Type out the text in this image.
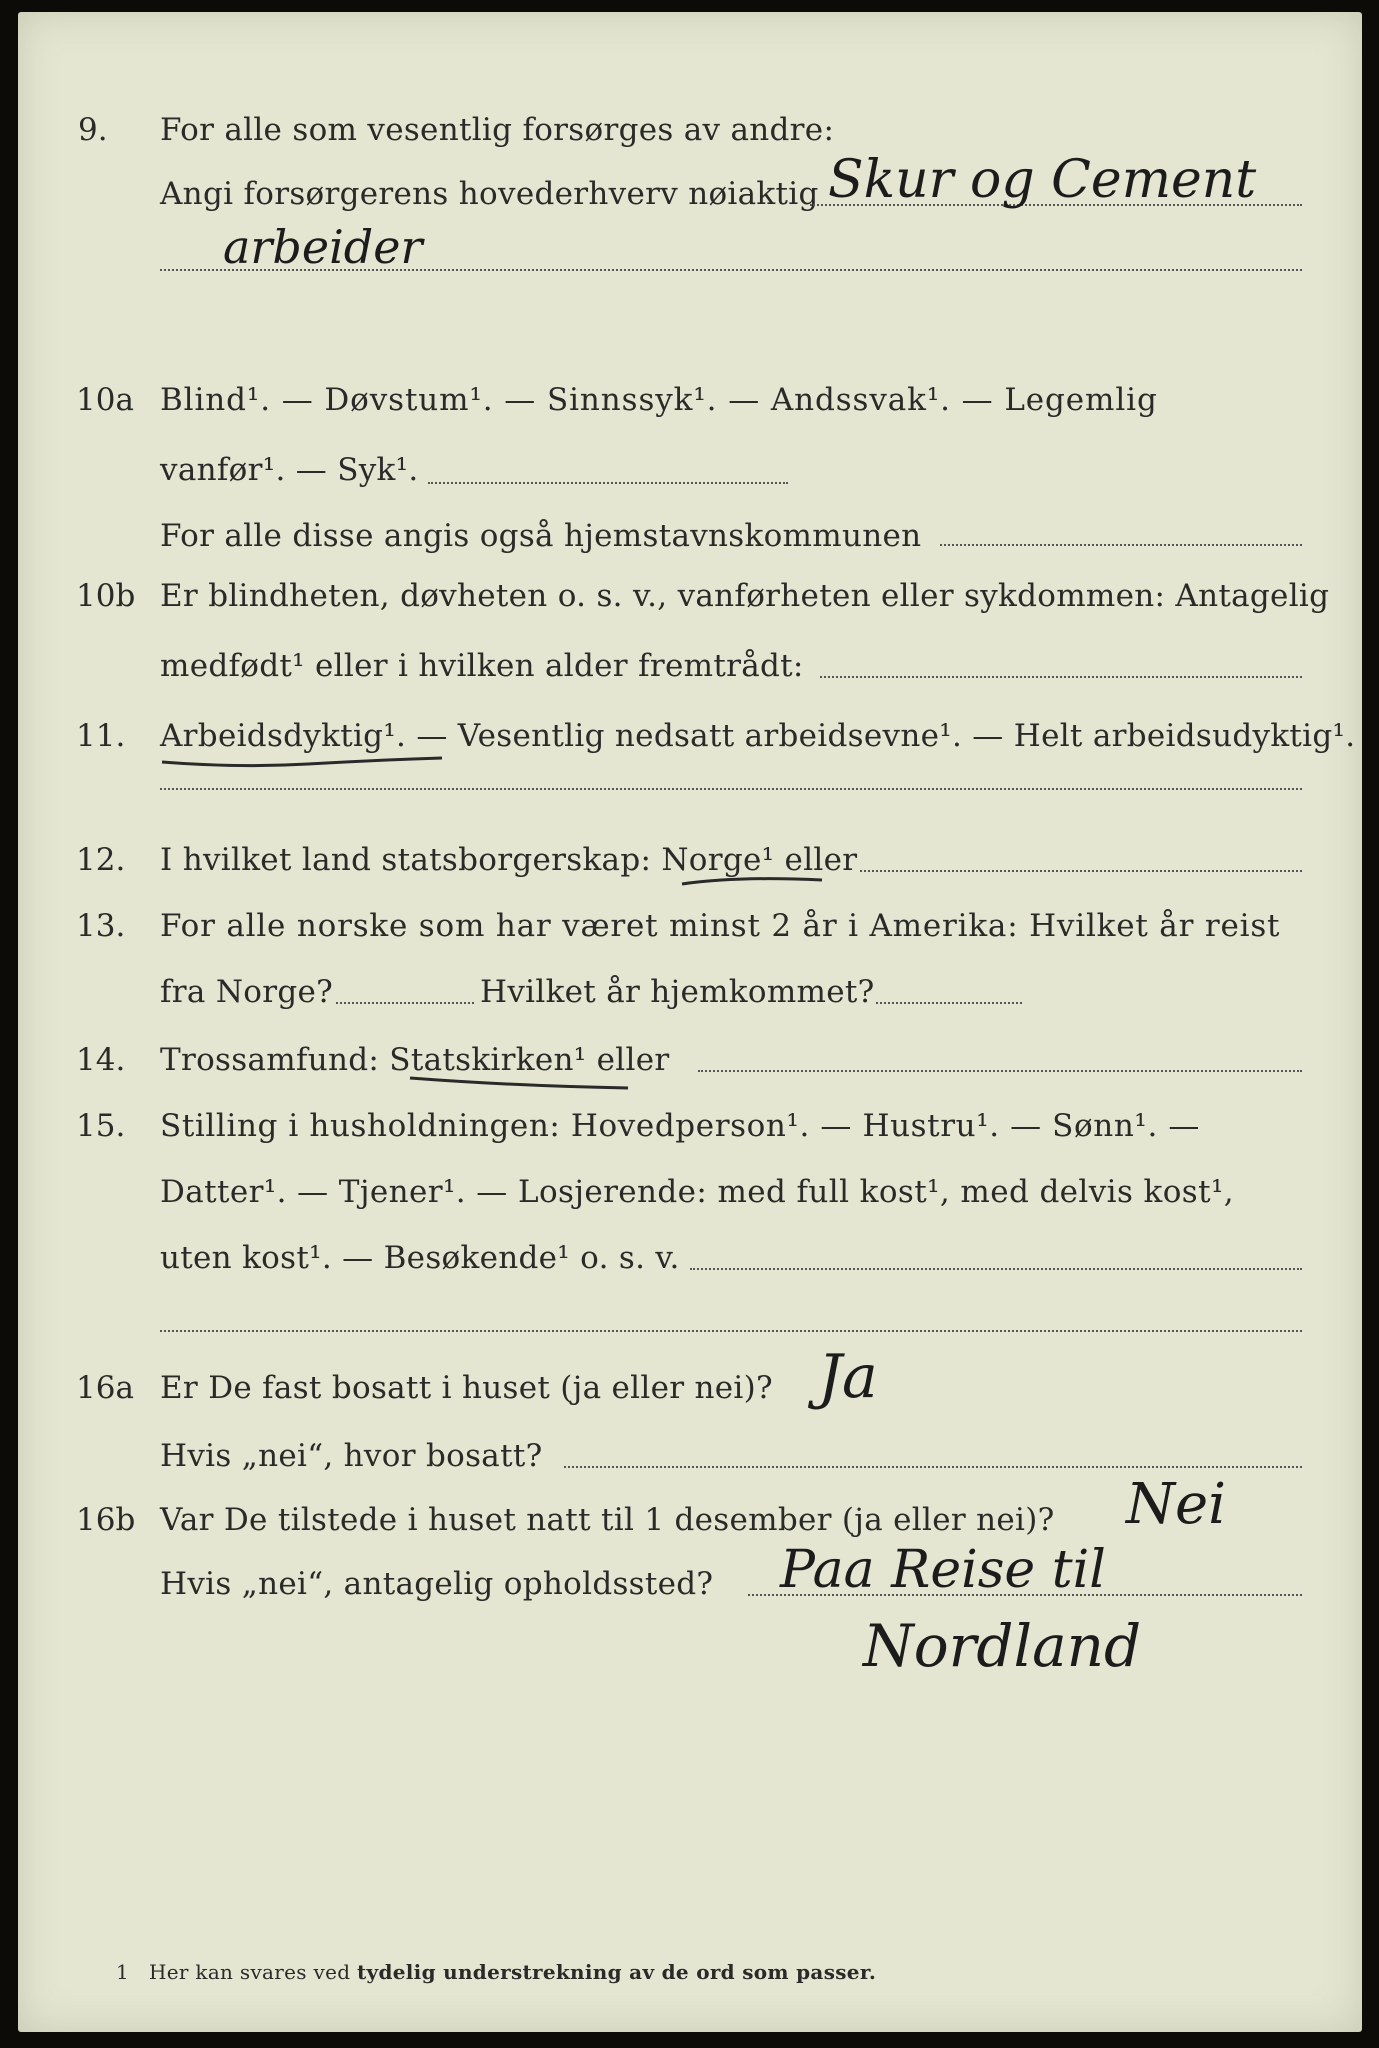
9. For alle som vesentlig forsørges av andre:
Angi forsørgerens hovederhverv nøiaktig Skur og Cement
arbeider
10a Blind¹. — Døvstum¹. — Sinnssyk¹. — Andssvak¹. — Legemlig
vanfør¹. — Syk¹.
For alle disse angis også hjemstavnskommunen
10b Er blindheten, døvheten o. s. v., vanførheten eller sykdommen: Antagelig
medfødt¹ eller i hvilken alder fremtrådt:
11. Arbeidsdyktig¹. — Vesentlig nedsatt arbeidsevne¹. — Helt arbeidsudyktig¹.
12. I hvilket land statsborgerskap: Norge¹ eller
13. For alle norske som har været minst 2 år i Amerika: Hvilket år reist
fra Norge?	Hvilket år hjemkommet?
14. Trossamfund: Statskirken¹ eller
15. Stilling i husholdningen: Hovedperson¹. — Hustru¹. — Sønn¹. —
Datter¹. — Tjener¹. — Losjerende: med full kost¹, med delvis kost¹,
uten kost¹. — Besøkende¹ o. s. v.
16a Er De fast bosatt i huset (ja eller nei)? Ja
Hvis „nei“, hvor bosatt?
16b Var De tilstede i huset natt til 1 desember (ja eller nei)? Nei
Hvis „nei“, antagelig opholdssted? Paa Reise til
Nordland
1 Her kan svares ved tydelig understrekning av de ord som passer.
